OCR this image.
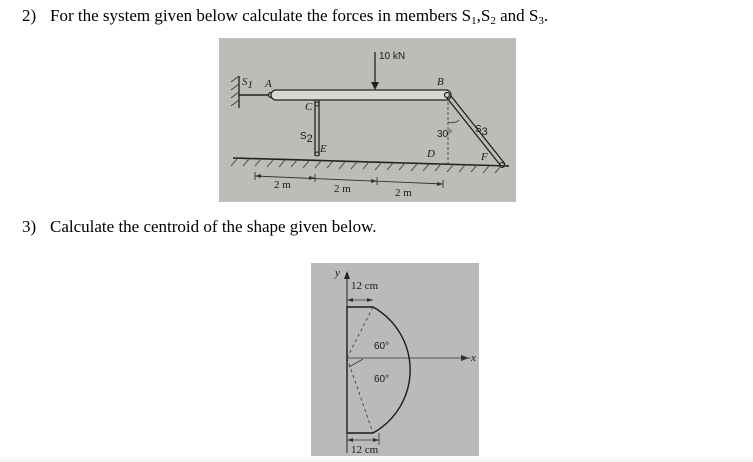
2) For the system given below calculate the forces in members $S_1,S_2$ and $S_3$.
10 kN
$S_1$ A	B
C
$S_2$
E
30° $S_3$
D	F
2 m	2 m	2 m
3) Calculate the centroid of the shape given below.
y
x
12 cm
60°
60°
12 cm
